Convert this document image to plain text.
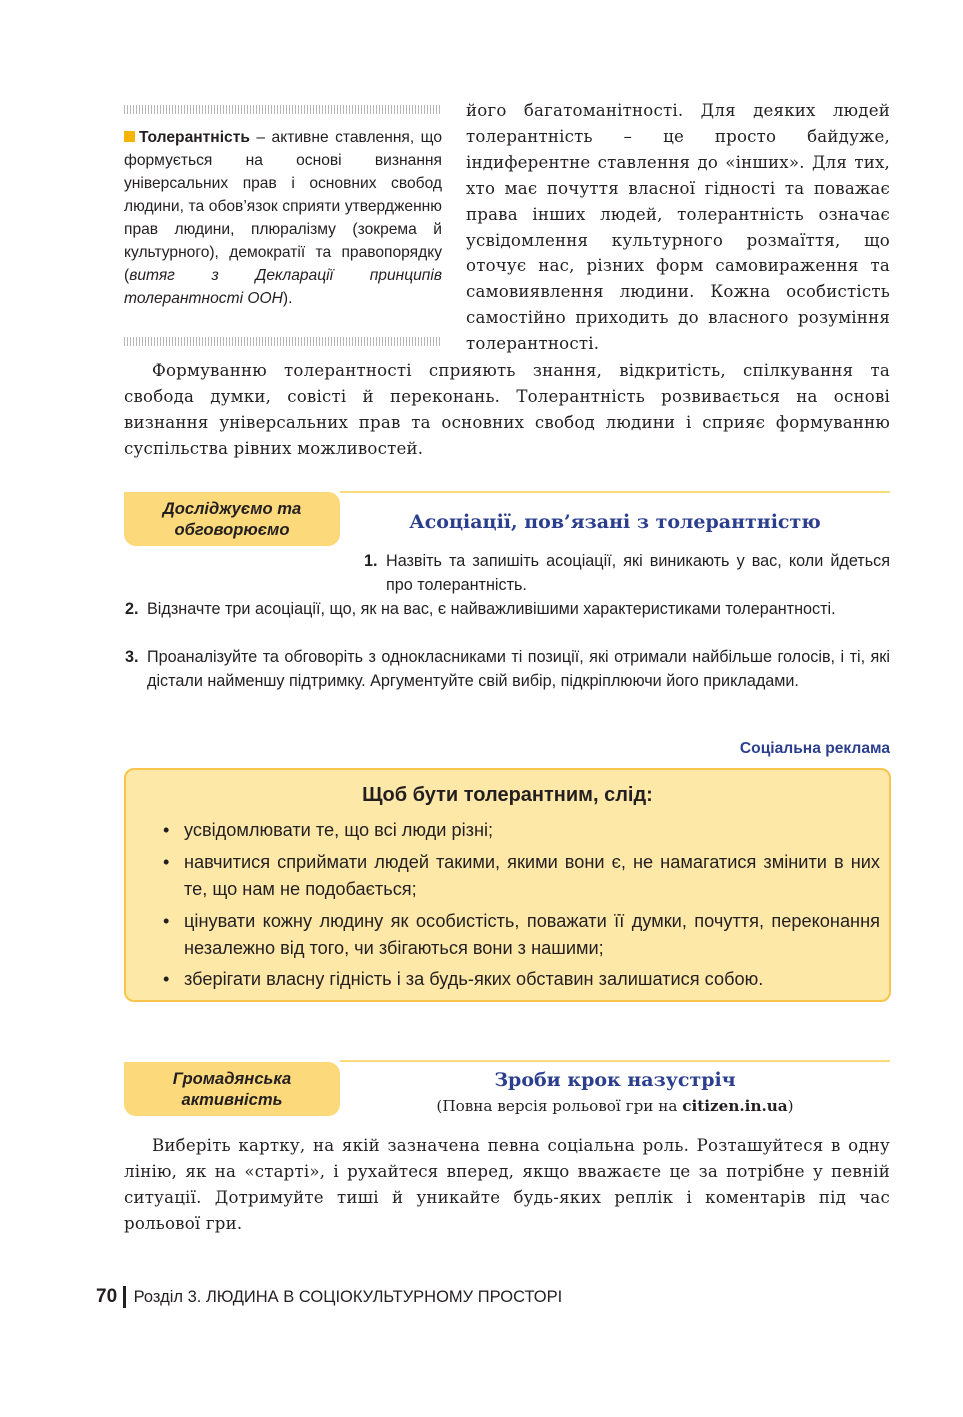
Толерантність – активне ставлення, що формується на основі визнання універсальних прав і основних свобод людини, та обов’язок сприяти утвердженню прав людини, плюралізму (зокрема й культурного), демократії та правопорядку (витяг з Декларації принципів толерантності ООН).
його багатоманітності. Для деяких людей толерантність – це просто байдуже, індиферентне ставлення до «інших». Для тих, хто має почуття власної гідності та поважає права інших людей, толерантність означає усвідомлення культурного розмаїття, що оточує нас, різних форм самовираження та самовиявлення людини. Кожна особистість самостійно приходить до власного розуміння толерантності.
Формуванню толерантності сприяють знання, відкритість, спілкування та свобода думки, совісті й переконань. Толерантність розвивається на основі визнання універсальних прав та основних свобод людини і сприяє формуванню суспільства рівних можливостей.
Досліджуємо та обговорюємо	Асоціації, пов’язані з толерантністю
1. Назвіть та запишіть асоціації, які виникають у вас, коли йдеться про толерантність.
2. Відзначте три асоціації, що, як на вас, є найважливішими характеристиками толерантності.
3. Проаналізуйте та обговоріть з однокласниками ті позиції, які отримали найбільше голосів, і ті, які дістали найменшу підтримку. Аргументуйте свій вибір, підкріплюючи його прикладами.
Соціальна реклама
Щоб бути толерантним, слід:
• усвідомлювати те, що всі люди різні;
• навчитися сприймати людей такими, якими вони є, не намагатися змінити в них те, що нам не подобається;
• цінувати кожну людину як особистість, поважати її думки, почуття, переконання незалежно від того, чи збігаються вони з нашими;
• зберігати власну гідність і за будь-яких обставин залишатися собою.
Громадянська активність
Зроби крок назустріч
(Повна версія рольової гри на citizen.in.ua)
Виберіть картку, на якій зазначена певна соціальна роль. Розташуйтеся в одну лінію, як на «старті», і рухайтеся вперед, якщо вважаєте це за потрібне у певній ситуації. Дотримуйте тиші й уникайте будь-яких реплік і коментарів під час рольової гри.
70 Розділ 3. ЛЮДИНА В СОЦІОКУЛЬТУРНОМУ ПРОСТОРІ
